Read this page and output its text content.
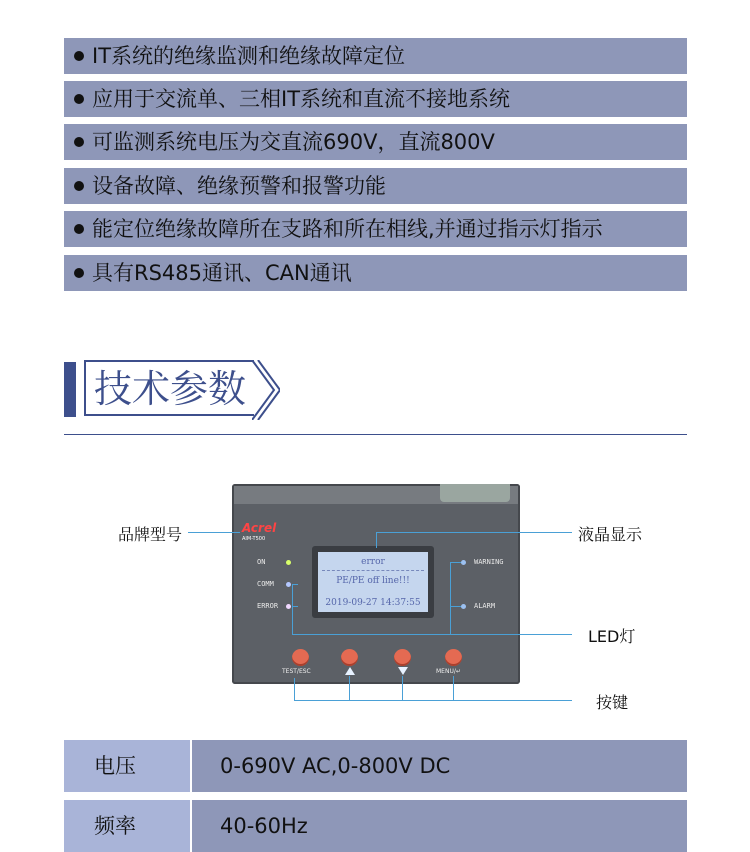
IT系统的绝缘监测和绝缘故障定位
应用于交流单、三相IT系统和直流不接地系统
可监测系统电压为交直流690V，直流800V
设备故障、绝缘预警和报警功能
能定位绝缘故障所在支路和所在相线,并通过指示灯指示
具有RS485通讯、CAN通讯
技术参数
Acrel
AIM-T500
error
PE/PE off line!!!
2019-09-27 14:37:55
ON
COMM
ERROR
WARNING
ALARM
TEST/ESC	MENU/↵
品牌型号	液晶显示
LED灯
按键
电压	0-690V AC,0-800V DC
频率	40-60Hz
